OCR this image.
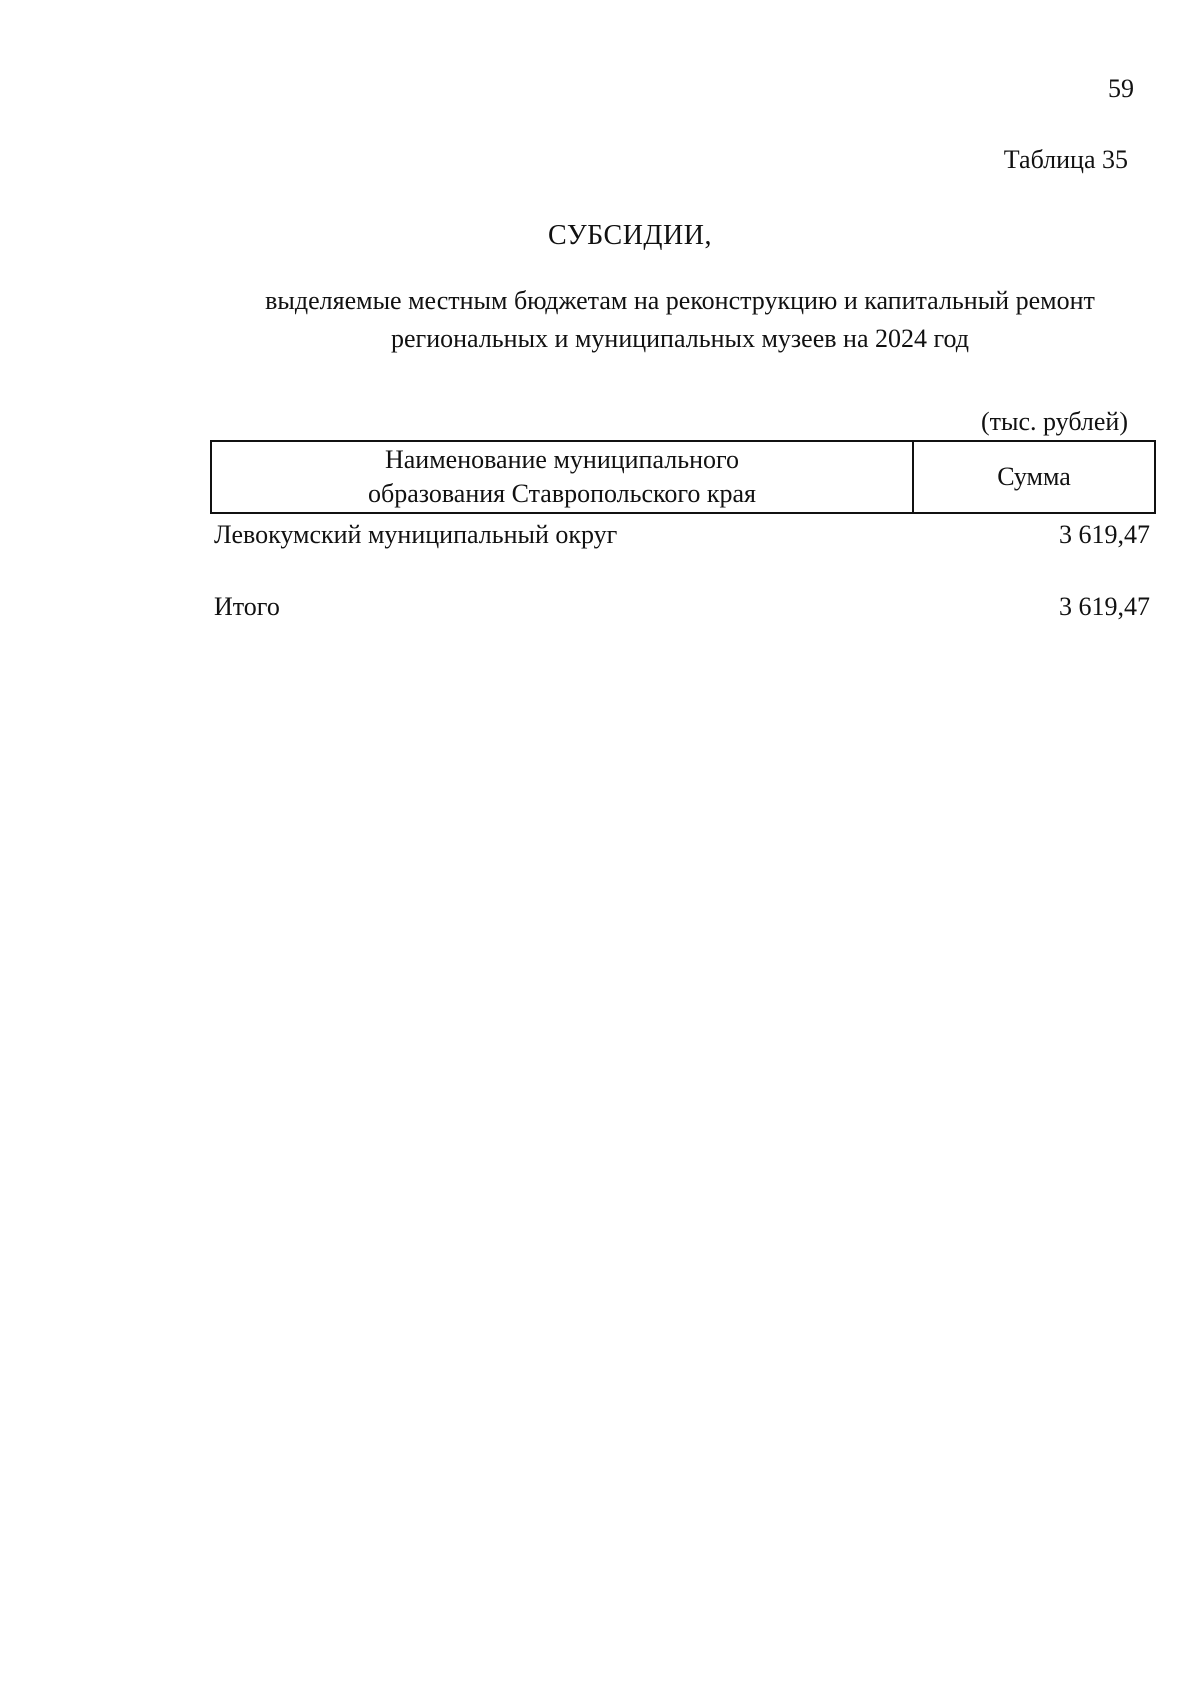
59
Таблица 35
СУБСИДИИ,
выделяемые местным бюджетам на реконструкцию и капитальный ремонт
региональных и муниципальных музеев на 2024 год
(тыс. рублей)
Наименование муниципального
образования Ставропольского края
Сумма
Левокумский муниципальный округ	3 619,47
Итого	3 619,47
